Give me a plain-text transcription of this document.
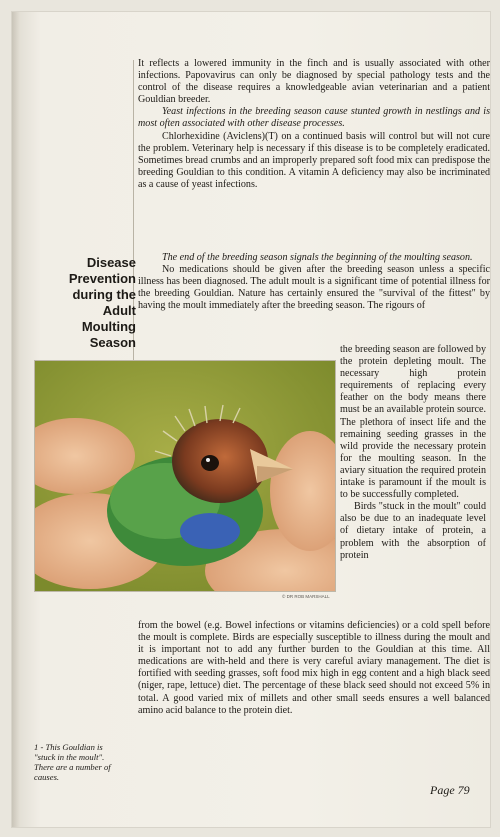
It reflects a lowered immunity in the finch and is usually associated with other infections. Papovavirus can only be diagnosed by special pathology tests and the control of the disease requires a knowledgeable avian veterinarian and a patient Gouldian breeder.

Yeast infections in the breeding season cause stunted growth in nestlings and is most often associated with other disease processes.

Chlorhexidine (Aviclens)(T) on a continued basis will control but will not cure the problem. Veterinary help is necessary if this disease is to be completely eradicated. Sometimes bread crumbs and an improperly prepared soft food mix can predispose the breeding Gouldian to this condition. A vitamin A deficiency may also be incriminated as a cause of yeast infections.

The end of the breeding season signals the beginning of the moulting season.

No medications should be given after the breeding season unless a specific illness has been diagnosed. The adult moult is a significant time of potential illness for the breeding Gouldian. Nature has certainly ensured the "survival of the fittest" by having the moult immediately after the breeding season. The rigours of

Disease
Prevention
during the
Adult
Moulting
Season
© DR ROB MARSHALL

the breeding season are followed by the protein depleting moult. The necessary high protein requirements of replacing every feather on the body means there must be an available protein source. The plethora of insect life and the remaining seeding grasses in the wild provide the necessary protein for the moulting season. In the aviary situation the required protein intake is paramount if the moult is to be successfully completed.

Birds "stuck in the moult" could also be due to an inadequate level of dietary intake of protein, a problem with the absorption of protein

from the bowel (e.g. Bowel infections or vitamins deficiencies) or a cold spell before the moult is complete. Birds are especially susceptible to illness during the moult and it is important not to add any further burden to the Gouldian at this time. All medications are with-held and there is very careful aviary management. The diet is fortified with seeding grasses, soft food mix high in egg content and a high black seed (niger, rape, lettuce) diet. The percentage of these black seed should not exceed 5% in total. A good varied mix of millets and other small seeds ensures a well balanced amino acid balance to the protein diet.

1 - This Gouldian is "stuck in the moult". There are a number of causes.
Page 79
